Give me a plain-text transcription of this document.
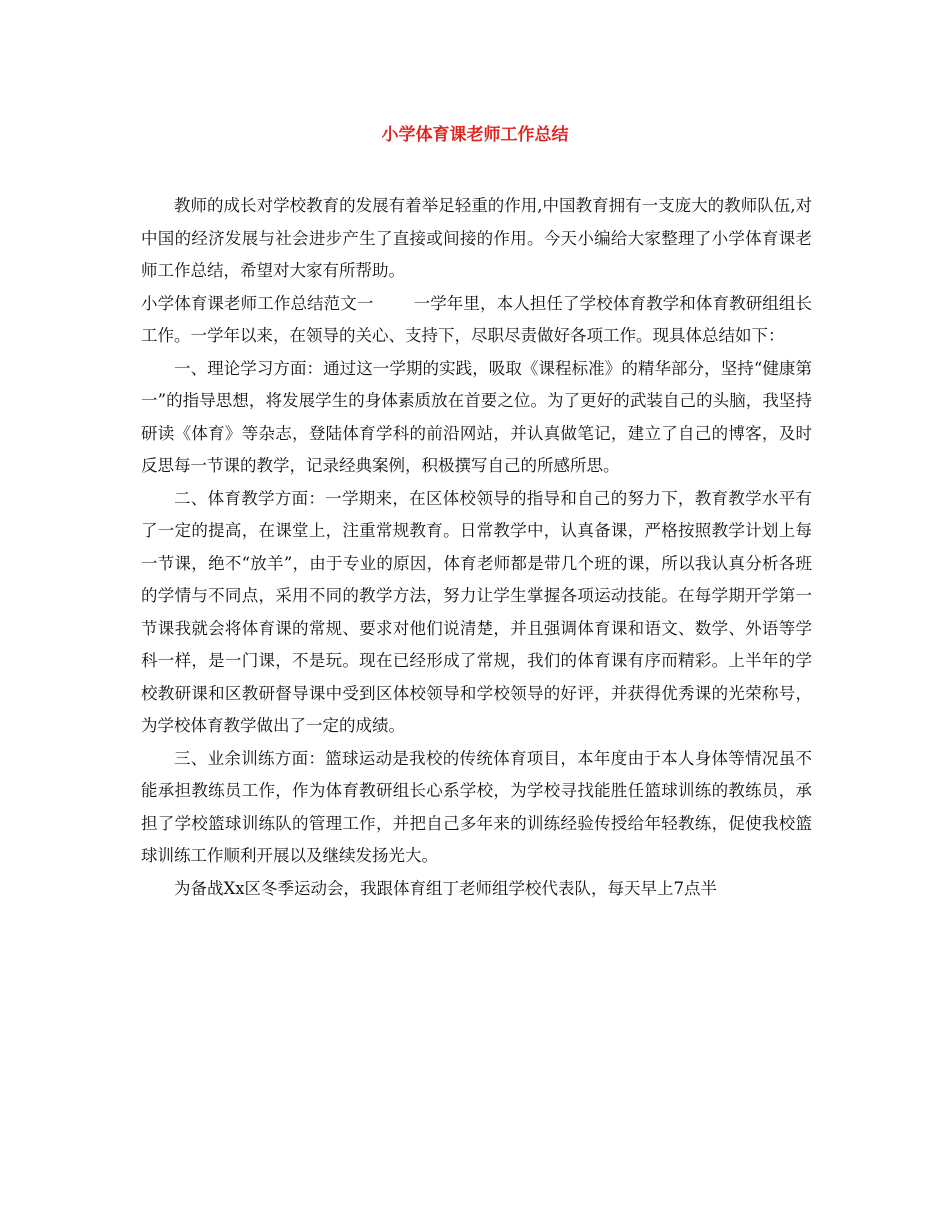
小学体育课老师工作总结

教师的成长对学校教育的发展有着举足轻重的作用,中国教育拥有一支庞大的教师队伍,对中国的经济发展与社会进步产生了直接或间接的作用。今天小编给大家整理了小学体育课老师工作总结，希望对大家有所帮助。

小学体育课老师工作总结范文一 一学年里，本人担任了学校体育教学和体育教研组组长工作。一学年以来，在领导的关心、支持下，尽职尽责做好各项工作。现具体总结如下：

一、理论学习方面：通过这一学期的实践，吸取《课程标准》的精华部分，坚持“健康第一”的指导思想，将发展学生的身体素质放在首要之位。为了更好的武装自己的头脑，我坚持研读《体育》等杂志，登陆体育学科的前沿网站，并认真做笔记，建立了自己的博客，及时反思每一节课的教学，记录经典案例，积极撰写自己的所感所思。

二、体育教学方面：一学期来，在区体校领导的指导和自己的努力下，教育教学水平有了一定的提高，在课堂上，注重常规教育。日常教学中，认真备课，严格按照教学计划上每一节课，绝不“放羊”，由于专业的原因，体育老师都是带几个班的课，所以我认真分析各班的学情与不同点，采用不同的教学方法，努力让学生掌握各项运动技能。在每学期开学第一节课我就会将体育课的常规、要求对他们说清楚，并且强调体育课和语文、数学、外语等学科一样，是一门课，不是玩。现在已经形成了常规，我们的体育课有序而精彩。上半年的学校教研课和区教研督导课中受到区体校领导和学校领导的好评，并获得优秀课的光荣称号，为学校体育教学做出了一定的成绩。

三、业余训练方面：篮球运动是我校的传统体育项目，本年度由于本人身体等情况虽不能承担教练员工作，作为体育教研组长心系学校，为学校寻找能胜任篮球训练的教练员，承担了学校篮球训练队的管理工作，并把自己多年来的训练经验传授给年轻教练，促使我校篮球训练工作顺利开展以及继续发扬光大。

为备战Xx区冬季运动会，我跟体育组丁老师组学校代表队，每天早上7点半
